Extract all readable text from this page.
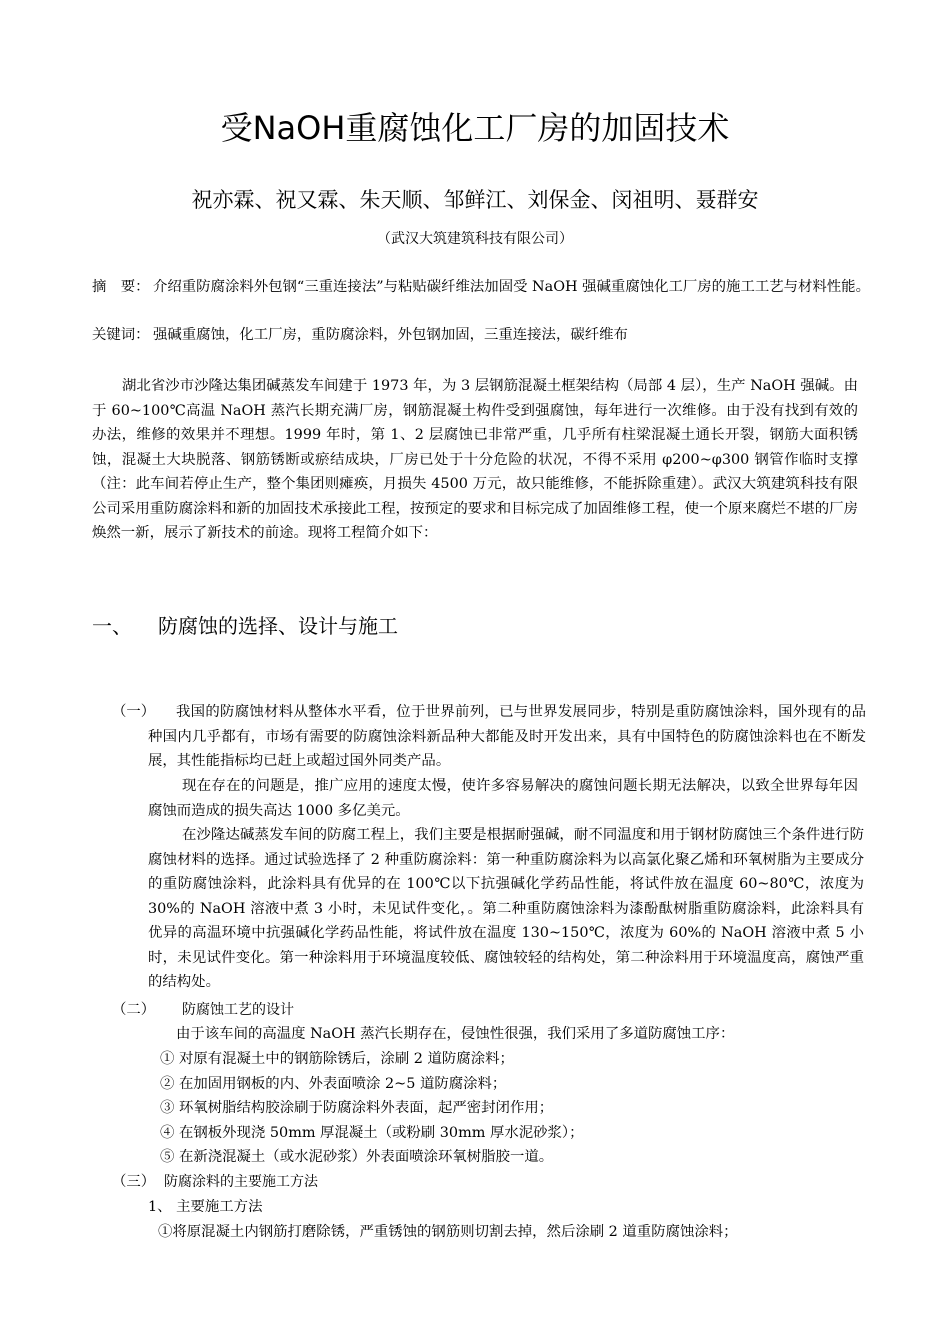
受NaOH重腐蚀化工厂房的加固技术
祝亦霖、祝又霖、朱天顺、邹鲜江、刘保金、闵祖明、聂群安
（武汉大筑建筑科技有限公司）
摘　要： 介绍重防腐涂料外包钢“三重连接法”与粘贴碳纤维法加固受 NaOH 强碱重腐蚀化工厂房的施工工艺与材料性能。
关键词： 强碱重腐蚀，化工厂房，重防腐涂料，外包钢加固，三重连接法，碳纤维布
湖北省沙市沙隆达集团碱蒸发车间建于 1973 年，为 3 层钢筋混凝土框架结构（局部 4 层），生产 NaOH 强碱。由于 60~100℃高温 NaOH 蒸汽长期充满厂房，钢筋混凝土构件受到强腐蚀，每年进行一次维修。由于没有找到有效的办法，维修的效果并不理想。1999 年时，第 1、2 层腐蚀已非常严重，几乎所有柱梁混凝土通长开裂，钢筋大面积锈蚀，混凝土大块脱落、钢筋锈断或瘀结成块，厂房已处于十分危险的状况，不得不采用 φ200~φ300 钢管作临时支撑（注：此车间若停止生产，整个集团则瘫痪，月损失 4500 万元，故只能维修，不能拆除重建）。武汉大筑建筑科技有限公司采用重防腐涂料和新的加固技术承接此工程，按预定的要求和目标完成了加固维修工程，使一个原来腐烂不堪的厂房焕然一新，展示了新技术的前途。现将工程简介如下：
一、 防腐蚀的选择、设计与施工
（一）	我国的防腐蚀材料从整体水平看，位于世界前列，已与世界发展同步，特别是重防腐蚀涂料，国外现有的品种国内几乎都有，市场有需要的防腐蚀涂料新品种大都能及时开发出来，具有中国特色的防腐蚀涂料也在不断发展，其性能指标均已赶上或超过国外同类产品。
现在存在的问题是，推广应用的速度太慢，使许多容易解决的腐蚀问题长期无法解决，以致全世界每年因腐蚀而造成的损失高达 1000 多亿美元。
在沙隆达碱蒸发车间的防腐工程上，我们主要是根据耐强碱，耐不同温度和用于钢材防腐蚀三个条件进行防腐蚀材料的选择。通过试验选择了 2 种重防腐涂料：第一种重防腐涂料为以高氯化聚乙烯和环氧树脂为主要成分的重防腐蚀涂料，此涂料具有优异的在 100℃以下抗强碱化学药品性能，将试件放在温度 60~80℃，浓度为 30%的 NaOH 溶液中煮 3 小时，未见试件变化，。第二种重防腐蚀涂料为漆酚酞树脂重防腐涂料，此涂料具有优异的高温环境中抗强碱化学药品性能，将试件放在温度 130~150℃，浓度为 60%的 NaOH 溶液中煮 5 小时，未见试件变化。第一种涂料用于环境温度较低、腐蚀较轻的结构处，第二种涂料用于环境温度高，腐蚀严重的结构处。
（二） 防腐蚀工艺的设计
由于该车间的高温度 NaOH 蒸汽长期存在，侵蚀性很强，我们采用了多道防腐蚀工序：
① 对原有混凝土中的钢筋除锈后，涂刷 2 道防腐涂料；
② 在加固用钢板的内、外表面喷涂 2~5 道防腐涂料；
③ 环氧树脂结构胶涂刷于防腐涂料外表面，起严密封闭作用；
④ 在钢板外现浇 50mm 厚混凝土（或粉刷 30mm 厚水泥砂浆）；
⑤ 在新浇混凝土（或水泥砂浆）外表面喷涂环氧树脂胶一道。
（三） 防腐涂料的主要施工方法
1、 主要施工方法
①将原混凝土内钢筋打磨除锈，严重锈蚀的钢筋则切割去掉，然后涂刷 2 道重防腐蚀涂料；
